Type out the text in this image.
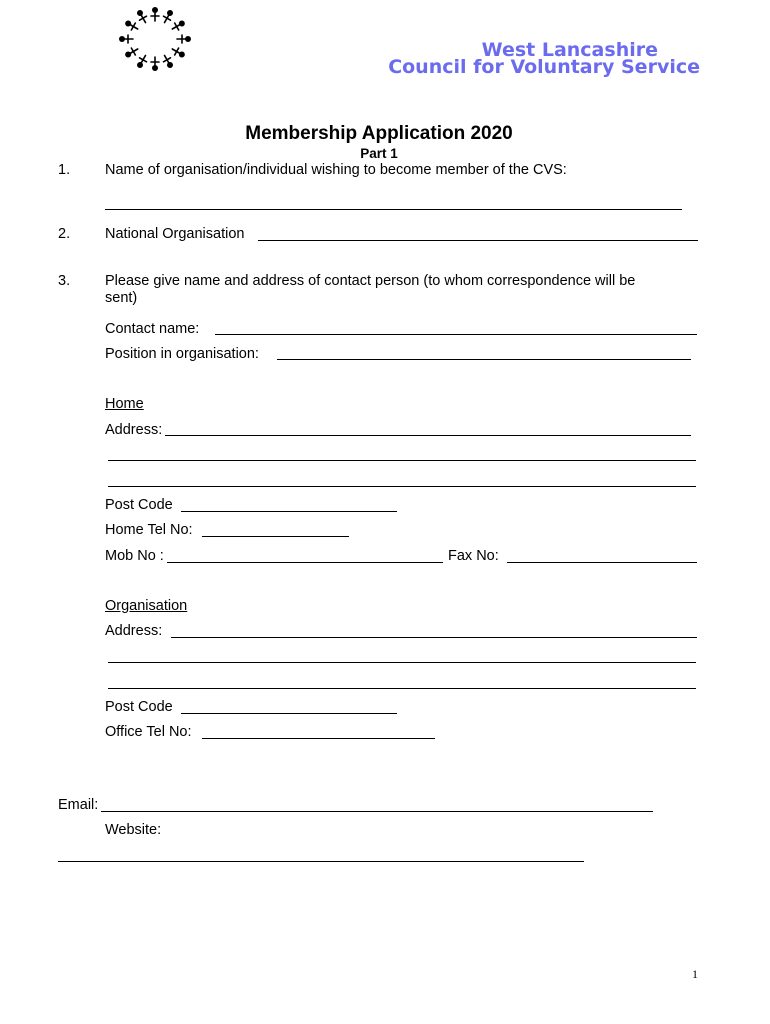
West Lancashire
Council for Voluntary Service
Membership Application 2020
Part 1
1. Name of organisation/individual wishing to become member of the CVS:
2. National Organisation
3. Please give name and address of contact person (to whom correspondence will be
sent)
Contact name:
Position in organisation:
Home
Address:
Post Code
Home Tel No:
Mob No :	Fax No:
Organisation
Address:
Post Code
Office Tel No:
Email:
Website:
1
